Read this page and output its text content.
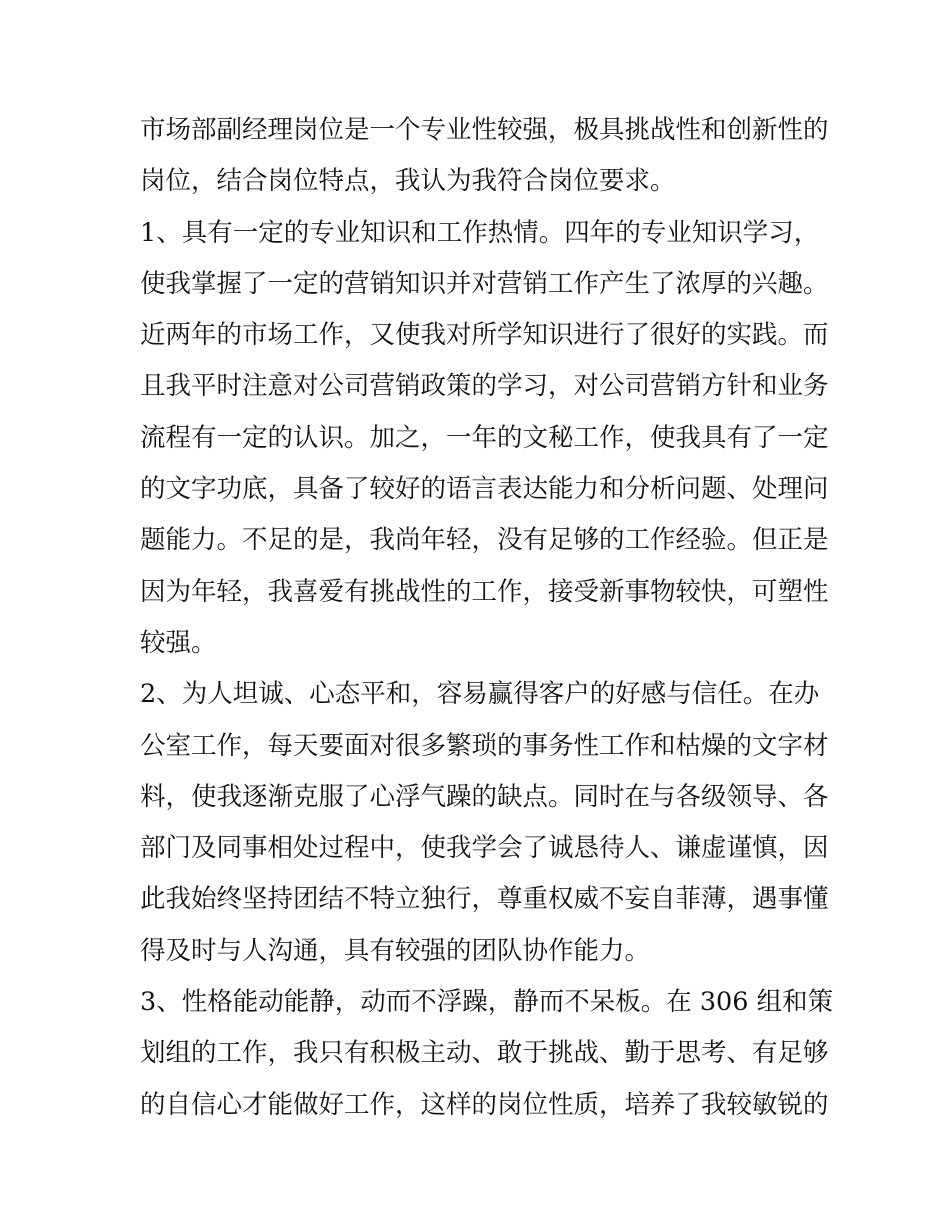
市场部副经理岗位是一个专业性较强，极具挑战性和创新性的
岗位，结合岗位特点，我认为我符合岗位要求。
1、具有一定的专业知识和工作热情。四年的专业知识学习，
使我掌握了一定的营销知识并对营销工作产生了浓厚的兴趣。
近两年的市场工作，又使我对所学知识进行了很好的实践。而
且我平时注意对公司营销政策的学习，对公司营销方针和业务
流程有一定的认识。加之，一年的文秘工作，使我具有了一定
的文字功底，具备了较好的语言表达能力和分析问题、处理问
题能力。不足的是，我尚年轻，没有足够的工作经验。但正是
因为年轻，我喜爱有挑战性的工作，接受新事物较快，可塑性
较强。
2、为人坦诚、心态平和，容易赢得客户的好感与信任。在办
公室工作，每天要面对很多繁琐的事务性工作和枯燥的文字材
料，使我逐渐克服了心浮气躁的缺点。同时在与各级领导、各
部门及同事相处过程中，使我学会了诚恳待人、谦虚谨慎，因
此我始终坚持团结不特立独行，尊重权威不妄自菲薄，遇事懂
得及时与人沟通，具有较强的团队协作能力。
3、性格能动能静，动而不浮躁，静而不呆板。在 306 组和策
划组的工作，我只有积极主动、敢于挑战、勤于思考、有足够
的自信心才能做好工作，这样的岗位性质，培养了我较敏锐的
